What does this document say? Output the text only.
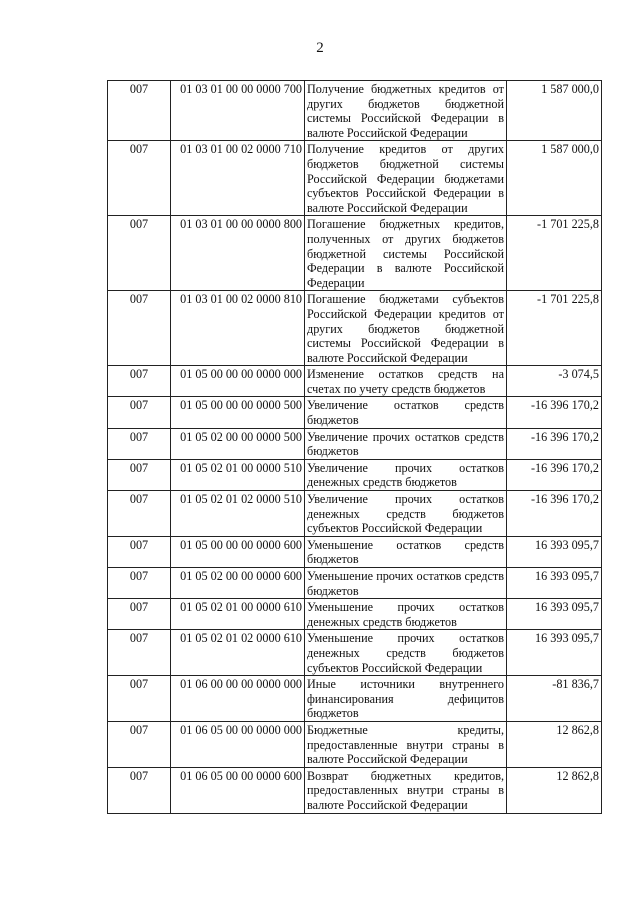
2
007	01 03 01 00 00 0000 700	Получение бюджетных кредитов от других бюджетов бюджетной системы Российской Федерации в валюте Российской Федерации	1 587 000,0
007	01 03 01 00 02 0000 710	Получение кредитов от других бюджетов бюджетной системы Российской Федерации бюджетами субъектов Российской Федерации в валюте Российской Федерации	1 587 000,0
007	01 03 01 00 00 0000 800	Погашение бюджетных кредитов, полученных от других бюджетов бюджетной системы Российской Федерации в валюте Российской Федерации	-1 701 225,8
007	01 03 01 00 02 0000 810	Погашение бюджетами субъектов Российской Федерации кредитов от других бюджетов бюджетной системы Российской Федерации в валюте Российской Федерации	-1 701 225,8
007	01 05 00 00 00 0000 000	Изменение остатков средств на счетах по учету средств бюджетов	-3 074,5
007	01 05 00 00 00 0000 500	Увеличение остатков средств бюджетов	-16 396 170,2
007	01 05 02 00 00 0000 500	Увеличение прочих остатков средств бюджетов	-16 396 170,2
007	01 05 02 01 00 0000 510	Увеличение прочих остатков денежных средств бюджетов	-16 396 170,2
007	01 05 02 01 02 0000 510	Увеличение прочих остатков денежных средств бюджетов субъектов Российской Федерации	-16 396 170,2
007	01 05 00 00 00 0000 600	Уменьшение остатков средств бюджетов	16 393 095,7
007	01 05 02 00 00 0000 600	Уменьшение прочих остатков средств бюджетов	16 393 095,7
007	01 05 02 01 00 0000 610	Уменьшение прочих остатков денежных средств бюджетов	16 393 095,7
007	01 05 02 01 02 0000 610	Уменьшение прочих остатков денежных средств бюджетов субъектов Российской Федерации	16 393 095,7
007	01 06 00 00 00 0000 000	Иные источники внутреннего финансирования дефицитов бюджетов	-81 836,7
007	01 06 05 00 00 0000 000	Бюджетные кредиты, предоставленные внутри страны в валюте Российской Федерации	12 862,8
007	01 06 05 00 00 0000 600	Возврат бюджетных кредитов, предоставленных внутри страны в валюте Российской Федерации	12 862,8
